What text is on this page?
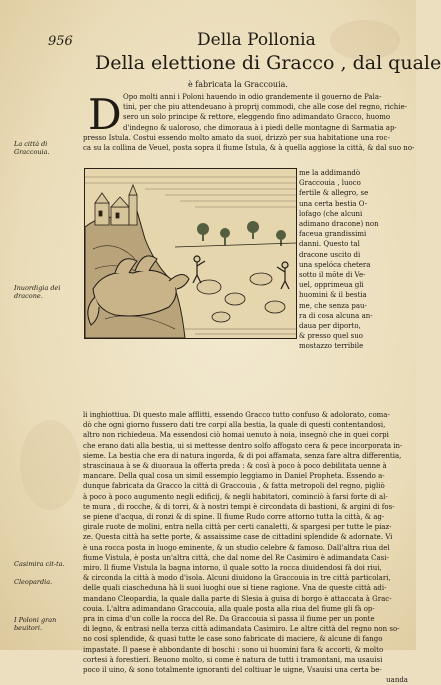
956	Della Pollonia
Della elettione di Gracco , dal quale
è fabricata la Graccouia.
D Opo molti anni i Poloni hauendo in odio grandemente il gouerno de Pala-
tini, per che piu attendeuano à proprij commodi, che alle cose del regno, richie-
sero un solo principe & rettore, eleggendo fino adimandato Gracco, huomo
d'indegno & ualoroso, che dimoraua à i piedi delle montagne di Sarmatia ap-
presso Istula. Costui essendo molto amato da suoi, drizzò per sua habitatione una roc-
ca su la collina de Veuel, posta sopra il fiume Istula, & à quella aggiose la città, & dal suo no-
me la addimandò
Graccouia , luoco
fertile & allegro, se
una certa bestia O-
lofago (che alcuni
adimano dracone) non
faceua grandissimi
danni. Questo tal
dracone uscito di
una spelóca chetera
sotto il mōte di Ve-
uel, opprimeua gli
huomini & il bestia
me, che senza pau-
ra di cosa alcuna an-
daua per diporto,
& presso quel suo
mostazzo terribile
li inghiottiua. Di questo male afflitti, essendo Gracco tutto confuso & adolorato, coma-
dò che ogni giorno fussero dati tre corpi alla bestia, la quale di questi contentandosi,
altro non richiedeua. Ma essendosi ciò homai uenuto à noia, insegnò che in quei corpi
che erano dati alla bestia, ui si mettesse dentro solfo affogato cera & pece incorporata in-
sieme. La bestia che era di natura ingorda, & di poi affamata, senza fare altra differentia,
strascinaua à se & diuoraua la offerta preda : & così à poco à poco debilitata uenne à
mancare. Della qual cosa un simil essempio leggiamo in Daniel Propheta. Essendo a-
dunque fabricata da Gracco la città di Graccouia , & fatta metropoli del regno, pigliò
à poco à poco augumento negli edificij, & negli habitatori, cominciò à farsi forte di al-
te mura , di rocche, & di torri, & à nostri tempi è circondata di bastioni, & argini di fos-
se piene d'acqua, di ronzi & di spine. Il fiume Rudo corre attorno tutta la città, & ag-
girale ruote de molini, entra nella città per certi canaletti, & spargesi per tutte le piaz-
ze. Questa città ha sette porte, & assaissime case de cittadini splendide & adornate. Vi
è una rocca posta in luogo eminente, & un studio celebre & famoso. Dall'altra riua del
fiume Vistula, è posta un'altra città, che dal nome del Re Casimiro è adimandata Casi-
miro. Il fiume Vistula la bagna intorno, il quale sotto la rocca diuidendosi fà doi riui,
& circonda la città à modo d'isola. Alcuni diuidono la Graccouia in tre città particolari,
delle quali ciascheduna hà li suoi luoghi oue si tiene ragione. Vna de queste città adi-
mandano Cleopardia, la quale dalla parte di Slesia à guisa di borgo è attaccata à Grac-
couia. L'altra adimandano Graccouia, alla quale posta alla riua del fiume gli fà op-
pra in cima d'un colle la rocca del Re. Da Graccouia sì passa il fiume per un ponte
di legno, & entrasi nella terza città adimandata Casimiro. Le altre città del regno non so-
no così splendide, & quasi tutte le case sono fabricate di maciere, & alcune di fango
impastate. Il paese è abbondante di boschi : sono ui huomini fara & accorti, & molto
cortesi à forestieri. Beuono molto, si come è natura de tutti i tramontani, ma usauisi
poco il uino, & sono totalmente ignoranti del coltiuar le uigne, Vsauisi una certa be-
uanda
La città di Graccouia.
Inuordigia dei dracone.
Casimira cit-ta.
Cleopardia.
I Poloni gran beuitori.
